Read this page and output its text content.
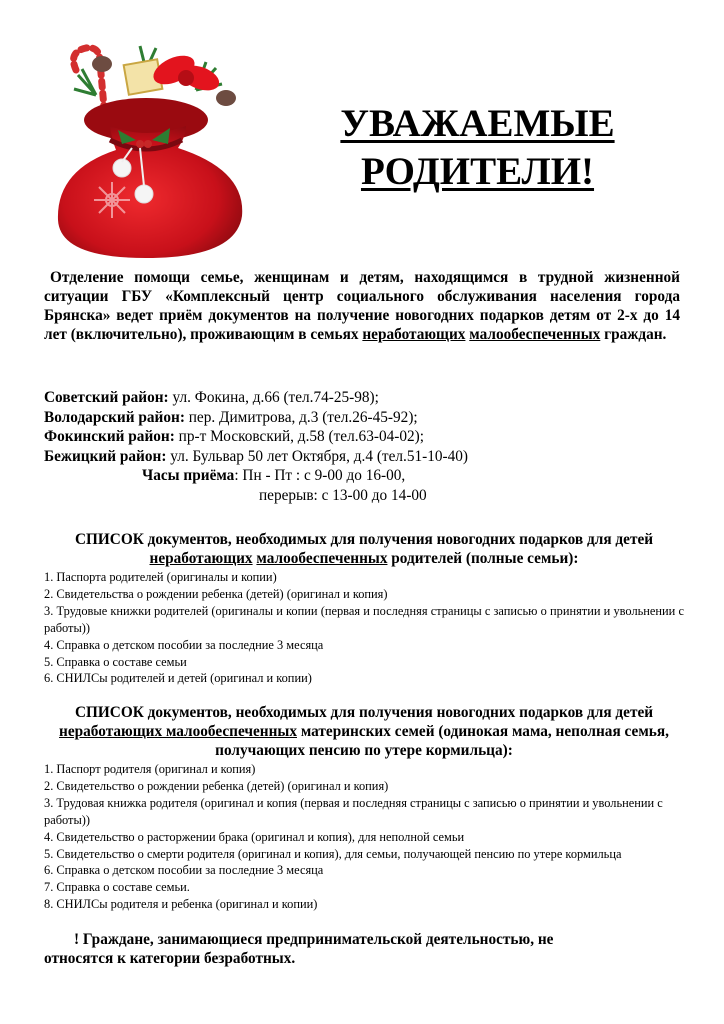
УВАЖАЕМЫЕ
РОДИТЕЛИ!

Отделение помощи семье, женщинам и детям, находящимся в трудной жизненной ситуации ГБУ «Комплексный центр социального обслуживания населения города Брянска» ведет приём документов на получение новогодних подарков детям от 2-х до 14 лет (включительно), проживающим в семьях неработающих малообеспеченных граждан.

Советский район: ул. Фокина, д.66 (тел.74-25-98);
Володарский район: пер. Димитрова, д.3 (тел.26-45-92);
Фокинский район: пр-т Московский, д.58 (тел.63-04-02);
Бежицкий район: ул. Бульвар 50 лет Октября, д.4 (тел.51-10-40)
Часы приёма: Пн - Пт : с 9-00 до 16-00,
перерыв: с 13-00 до 14-00

СПИСОК документов, необходимых для получения новогодних подарков для детей неработающих малообеспеченных родителей (полные семьи):

1. Паспорта родителей (оригиналы и копии)
2. Свидетельства о рождении ребенка (детей) (оригинал и копия)
3. Трудовые книжки родителей (оригиналы и копии (первая и последняя страницы с записью о принятии и увольнении с работы))
4. Справка о детском пособии за последние 3 месяца
5. Справка о составе семьи
6. СНИЛСы родителей и детей (оригинал и копии)

СПИСОК документов, необходимых для получения новогодних подарков для детей неработающих малообеспеченных материнских семей (одинокая мама, неполная семья, получающих пенсию по утере кормильца):

1. Паспорт родителя (оригинал и копия)
2. Свидетельство о рождении ребенка (детей) (оригинал и копия)
3. Трудовая книжка родителя (оригинал и копия (первая и последняя страницы с записью о принятии и увольнении с работы))
4. Свидетельство о расторжении брака (оригинал и копия), для неполной семьи
5. Свидетельство о смерти родителя (оригинал и копия), для семьи, получающей пенсию по утере кормильца
6. Справка о детском пособии за последние 3 месяца
7. Справка о составе семьи.
8. СНИЛСы родителя и ребенка (оригинал и копии)

! Граждане, занимающиеся предпринимательской деятельностью, не
относятся к категории безработных.
